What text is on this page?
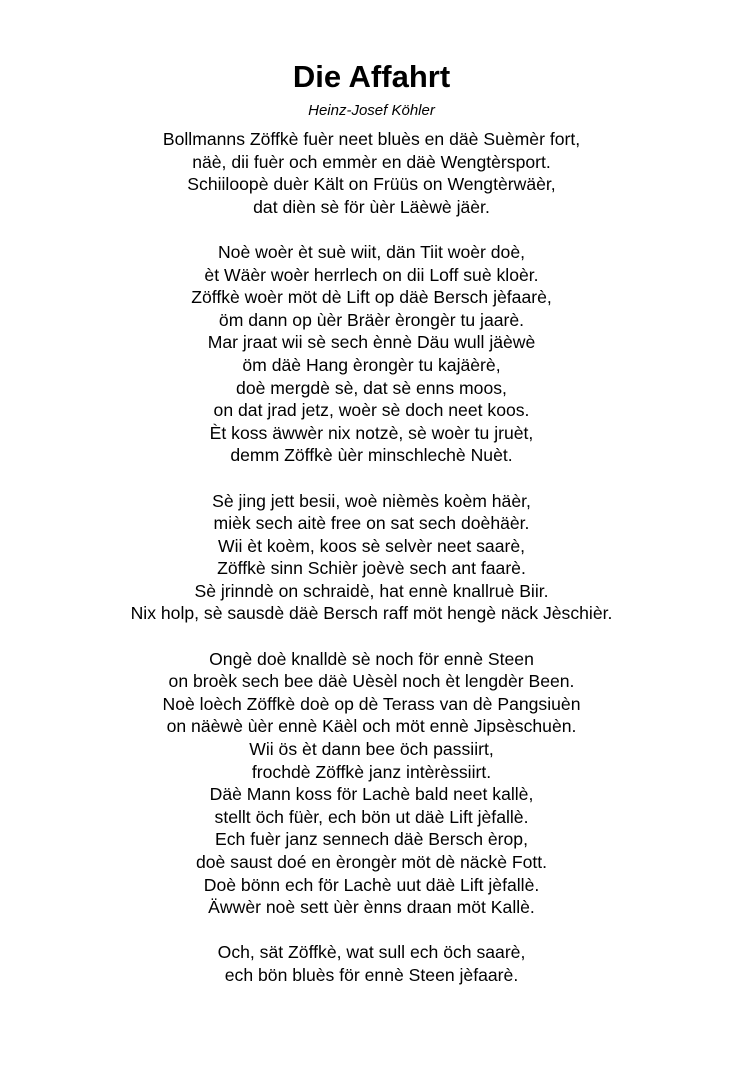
Die Affahrt

Heinz-Josef Köhler

Bollmanns Zöffkè fuèr neet bluès en däè Suèmèr fort,
näè, dii fuèr och emmèr en däè Wengtèrsport.
Schiiloopè duèr Kält on Früüs on Wengtèrwäèr,
dat dièn sè för ùèr Läèwè jäèr.
Noè woèr èt suè wiit, dän Tiit woèr doè,
èt Wäèr woèr herrlech on dii Loff suè kloèr.
Zöffkè woèr möt dè Lift op däè Bersch jèfaarè,
öm dann op ùèr Bräèr èrongèr tu jaarè.
Mar jraat wii sè sech ènnè Däu wull jäèwè
öm däè Hang èrongèr tu kajäèrè,
doè mergdè sè, dat sè enns moos,
on dat jrad jetz, woèr sè doch neet koos.
Èt koss äwwèr nix notzè, sè woèr tu jruèt,
demm Zöffkè ùèr minschlechè Nuèt.
Sè jing jett besii, woè nièmès koèm häèr,
mièk sech aitè free on sat sech doèhäèr.
Wii èt koèm, koos sè selvèr neet saarè,
Zöffkè sinn Schièr joèvè sech ant faarè.
Sè jrinndè on schraidè, hat ennè knallruè Biir.
Nix holp, sè sausdè däè Bersch raff möt hengè näck Jèschièr.
Ongè doè knalldè sè noch för ennè Steen
on broèk sech bee däè Uèsèl noch èt lengdèr Been.
Noè loèch Zöffkè doè op dè Terass van dè Pangsiuèn
on näèwè ùèr ennè Käèl och möt ennè Jipsèschuèn.
Wii ös èt dann bee öch passiirt,
frochdè Zöffkè janz intèrèssiirt.
Däè Mann koss för Lachè bald neet kallè,
stellt öch füèr, ech bön ut däè Lift jèfallè.
Ech fuèr janz sennech däè Bersch èrop,
doè saust doé en èrongèr möt dè näckè Fott.
Doè bönn ech för Lachè uut däè Lift jèfallè.
Äwwèr noè sett ùèr ènns draan möt Kallè.
Och, sät Zöffkè, wat sull ech öch saarè,
ech bön bluès för ennè Steen jèfaarè.
